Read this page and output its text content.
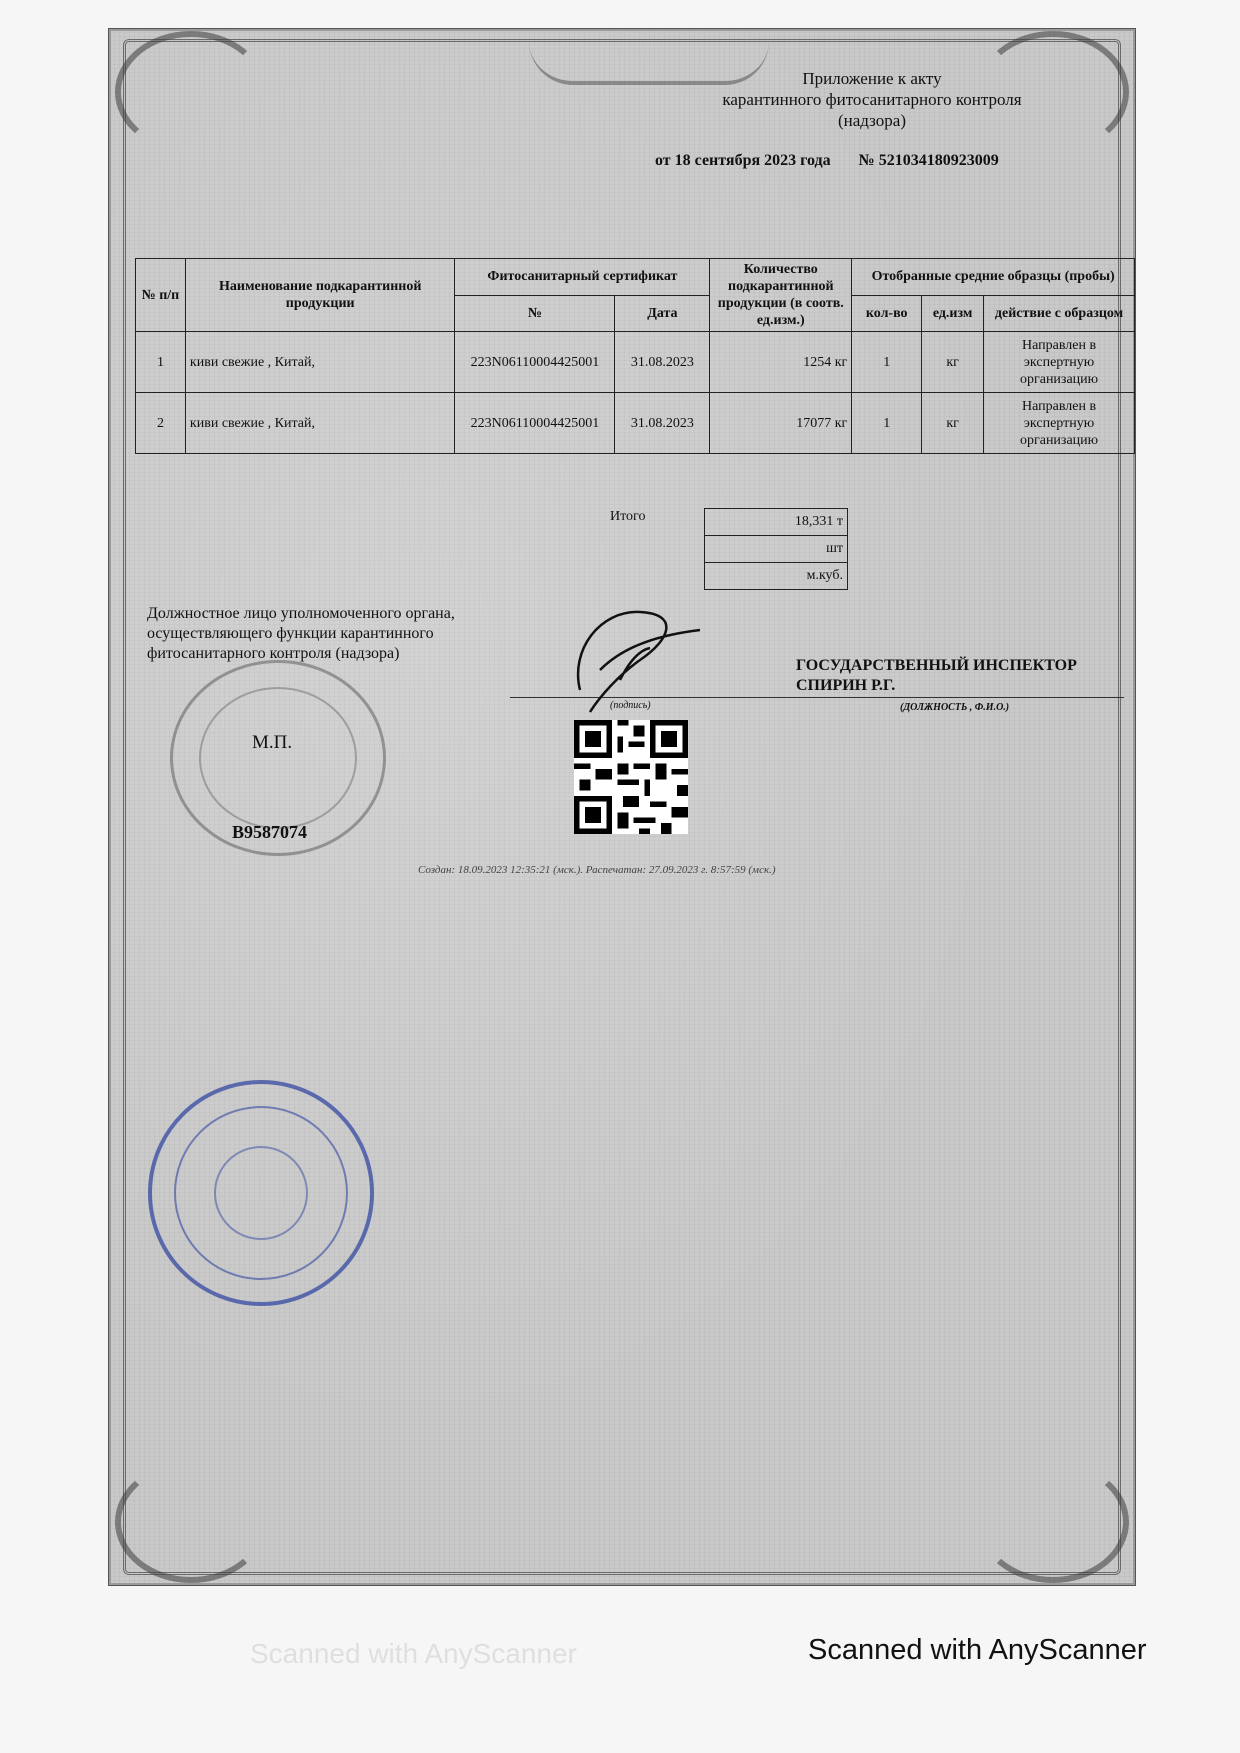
Приложение к акту
карантинного фитосанитарного контроля
(надзора)
от 18 сентября 2023 года № 521034180923009
№ п/п	Наименование подкарантинной продукции	Фитосанитарный сертификат		Количество подкарантинной продукции (в соотв. ед.изм.)	Отобранные средние образцы (пробы)		
		№	Дата		кол-во	ед.изм	действие с образцом
1	киви свежие , Китай,	223N06110004425001	31.08.2023	1254 кг	1	кг	Направлен в экспертную организацию
2	киви свежие , Китай,	223N06110004425001	31.08.2023	17077 кг	1	кг	Направлен в экспертную организацию
Итого	18,331 т
	шт
	м.куб.
Должностное лицо уполномоченного органа, осуществляющего функции карантинного фитосанитарного контроля (надзора)
ГОСУДАРСТВЕННЫЙ ИНСПЕКТОР
СПИРИН Р.Г.
(подпись)	(ДОЛЖНОСТЬ , Ф.И.О.)
М.П.
В9587074
Создан: 18.09.2023 12:35:21 (мск.). Распечатан: 27.09.2023 г. 8:57:59 (мск.)
Scanned with AnyScanner	Scanned with AnyScanner
